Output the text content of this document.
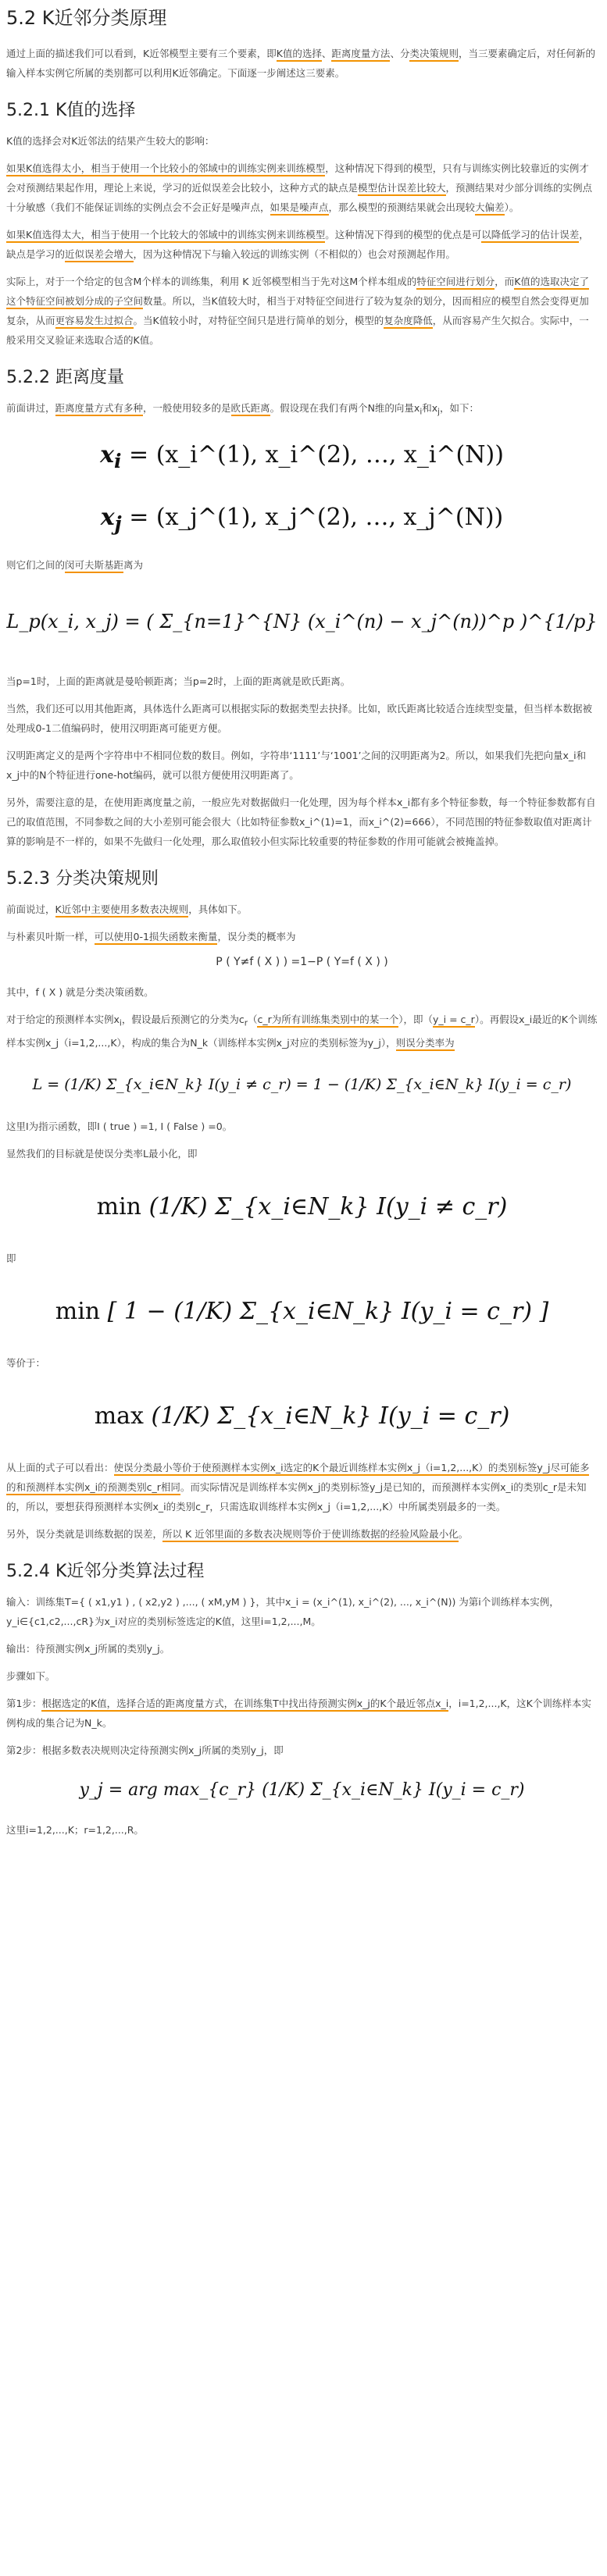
5.2 K近邻分类原理

通过上面的描述我们可以看到，K近邻模型主要有三个要素，即K值的选择、距离度量方法、分类决策规则，当三要素确定后，对任何新的输入样本实例它所属的类别都可以利用K近邻确定。下面逐一步阐述这三要素。

5.2.1 K值的选择

K值的选择会对K近邻法的结果产生较大的影响：

如果K值选得太小，相当于使用一个比较小的邻域中的训练实例来训练模型，这种情况下得到的模型，只有与训练实例比较靠近的实例才会对预测结果起作用，理论上来说，学习的近似误差会比较小，这种方式的缺点是模型估计误差比较大，预测结果对少部分训练的实例点十分敏感（我们不能保证训练的实例点会不会正好是噪声点，如果是噪声点，那么模型的预测结果就会出现较大偏差）。

如果K值选得太大，相当于使用一个比较大的邻域中的训练实例来训练模型。这种情况下得到的模型的优点是可以降低学习的估计误差，缺点是学习的近似误差会增大，因为这种情况下与输入较远的训练实例（不相似的）也会对预测起作用。

实际上，对于一个给定的包含M个样本的训练集，利用 K 近邻模型相当于先对这M个样本组成的特征空间进行划分，而K值的选取决定了这个特征空间被划分成的子空间数量。所以，当K值较大时，相当于对特征空间进行了较为复杂的划分，因而相应的模型自然会变得更加复杂，从而更容易发生过拟合。当K值较小时，对特征空间只是进行简单的划分，模型的复杂度降低，从而容易产生欠拟合。实际中，一般采用交叉验证来选取合适的K值。

5.2.2 距离度量

前面讲过，距离度量方式有多种，一般使用较多的是欧氏距离。假设现在我们有两个N维的向量$x_i$和$x_j$，如下：

$x_i$ = (x_i^(1), x_i^(2), …, x_i^(N))
$x_j$ = (x_j^(1), x_j^(2), …, x_j^(N))

则它们之间的闵可夫斯基距离为

L_p(x_i, x_j) = ( Σ_{n=1}^{N} (x_i^(n) − x_j^(n))^p )^{1/p}

当p=1时，上面的距离就是曼哈顿距离；当p=2时，上面的距离就是欧氏距离。

当然，我们还可以用其他距离，具体选什么距离可以根据实际的数据类型去抉择。比如，欧氏距离比较适合连续型变量，但当样本数据被处理成0-1二值编码时，使用汉明距离可能更方便。

汉明距离定义的是两个字符串中不相同位数的数目。例如，字符串‘1111’与‘1001’之间的汉明距离为2。所以，如果我们先把向量x_i和x_j中的N个特征进行one-hot编码，就可以很方便使用汉明距离了。

另外，需要注意的是，在使用距离度量之前，一般应先对数据做归一化处理，因为每个样本x_i都有多个特征参数，每一个特征参数都有自己的取值范围，不同参数之间的大小差别可能会很大（比如特征参数x_i^(1)=1，而x_i^(2)=666），不同范围的特征参数取值对距离计算的影响是不一样的，如果不先做归一化处理，那么取值较小但实际比较重要的特征参数的作用可能就会被掩盖掉。

5.2.3 分类决策规则

前面说过，K近邻中主要使用多数表决规则，具体如下。

与朴素贝叶斯一样，可以使用0-1损失函数来衡量，误分类的概率为

P ( Y≠f ( X ) ) =1−P ( Y=f ( X ) )

其中，f ( X ) 就是分类决策函数。

对于给定的预测样本实例$x_i$，假设最后预测它的分类为$c_r(c\_r$为所有训练集类别中的某一个），即（y_i = c_r）。再假设x_i最近的K个训练样本实例x_j（i=1,2,...,K），构成的集合为N_k（训练样本实例x_j对应的类别标签为y_j），则误分类率为

L = (1/K) Σ_{x_i∈N_k} I(y_i ≠ c_r) = 1 − (1/K) Σ_{x_i∈N_k} I(y_i = c_r)

这里I为指示函数，即I ( true ) =1, I ( False ) =0。

显然我们的目标就是使误分类率L最小化，即

min (1/K) Σ_{x_i∈N_k} I(y_i ≠ c_r)

即

min [ 1 − (1/K) Σ_{x_i∈N_k} I(y_i = c_r) ]

等价于：

max (1/K) Σ_{x_i∈N_k} I(y_i = c_r)

从上面的式子可以看出：使误分类最小等价于使预测样本实例x_i选定的K个最近训练样本实例x_j（i=1,2,...,K）的类别标签y_j尽可能多的和预测样本实例x_i的预测类别c_r相同。而实际情况是训练样本实例x_j的类别标签y_j是已知的，而预测样本实例x_i的类别c_r是未知的，所以，要想获得预测样本实例x_i的类别c_r，只需选取训练样本实例x_j（i=1,2,...,K）中所属类别最多的一类。

另外，误分类就是训练数据的误差，所以 K 近邻里面的多数表决规则等价于使训练数据的经验风险最小化。

5.2.4 K近邻分类算法过程

输入：训练集T={ ( x1,y1 ) , ( x2,y2 ) ,..., ( xM,yM ) }，其中x_i = (x_i^(1), x_i^(2), ..., x_i^(N)) 为第i个训练样本实例，y_i∈{c1,c2,...,cR}为x_i对应的类别标签选定的K值，这里i=1,2,...,M。

输出：待预测实例x_j所属的类别y_j。

步骤如下。

第1步：根据选定的K值，选择合适的距离度量方式，在训练集T中找出待预测实例x_j的K个最近邻点x_i，i=1,2,...,K，这K个训练样本实例构成的集合记为N_k。

第2步：根据多数表决规则决定待预测实例x_j所属的类别y_j，即

y_j = arg max_{c_r} (1/K) Σ_{x_i∈N_k} I(y_i = c_r)

这里i=1,2,...,K；r=1,2,...,R。
